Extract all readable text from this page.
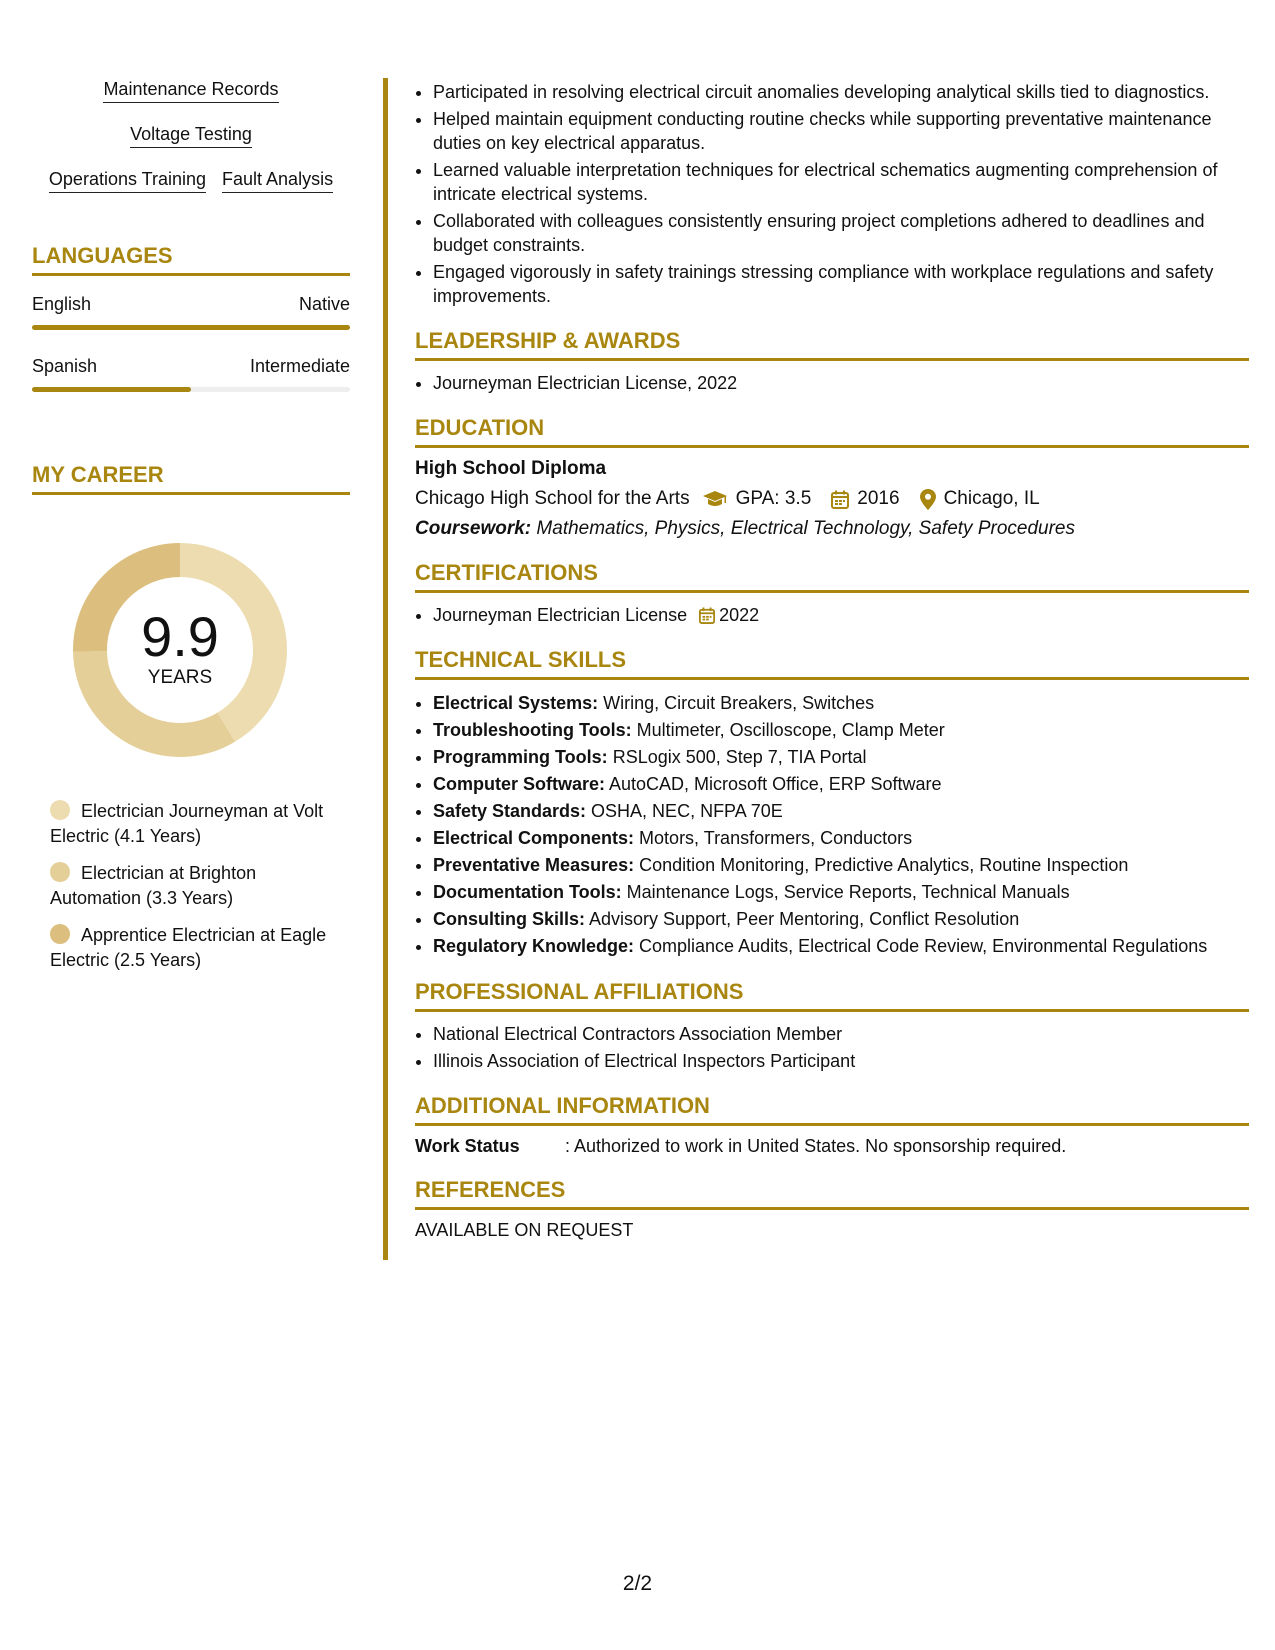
Maintenance Records
Voltage Testing
Operations Training Fault Analysis
LANGUAGES
English	Native
Spanish	Intermediate
MY CAREER
9.9
YEARS
Electrician Journeyman at Volt Electric (4.1 Years)
Electrician at Brighton Automation (3.3 Years)
Apprentice Electrician at Eagle Electric (2.5 Years)
• Participated in resolving electrical circuit anomalies developing analytical skills tied to diagnostics.
• Helped maintain equipment conducting routine checks while supporting preventative maintenance duties on key electrical apparatus.
• Learned valuable interpretation techniques for electrical schematics augmenting comprehension of intricate electrical systems.
• Collaborated with colleagues consistently ensuring project completions adhered to deadlines and budget constraints.
• Engaged vigorously in safety trainings stressing compliance with workplace regulations and safety improvements.
LEADERSHIP & AWARDS
• Journeyman Electrician License, 2022
EDUCATION
High School Diploma
Chicago High School for the Arts GPA: 3.5 2016 Chicago, IL
Coursework: Mathematics, Physics, Electrical Technology, Safety Procedures
CERTIFICATIONS
• Journeyman Electrician License 2022
TECHNICAL SKILLS
• Electrical Systems: Wiring, Circuit Breakers, Switches
• Troubleshooting Tools: Multimeter, Oscilloscope, Clamp Meter
• Programming Tools: RSLogix 500, Step 7, TIA Portal
• Computer Software: AutoCAD, Microsoft Office, ERP Software
• Safety Standards: OSHA, NEC, NFPA 70E
• Electrical Components: Motors, Transformers, Conductors
• Preventative Measures: Condition Monitoring, Predictive Analytics, Routine Inspection
• Documentation Tools: Maintenance Logs, Service Reports, Technical Manuals
• Consulting Skills: Advisory Support, Peer Mentoring, Conflict Resolution
• Regulatory Knowledge: Compliance Audits, Electrical Code Review, Environmental Regulations
PROFESSIONAL AFFILIATIONS
• National Electrical Contractors Association Member
• Illinois Association of Electrical Inspectors Participant
ADDITIONAL INFORMATION
Work Status	: Authorized to work in United States. No sponsorship required.
REFERENCES
AVAILABLE ON REQUEST
2/2
